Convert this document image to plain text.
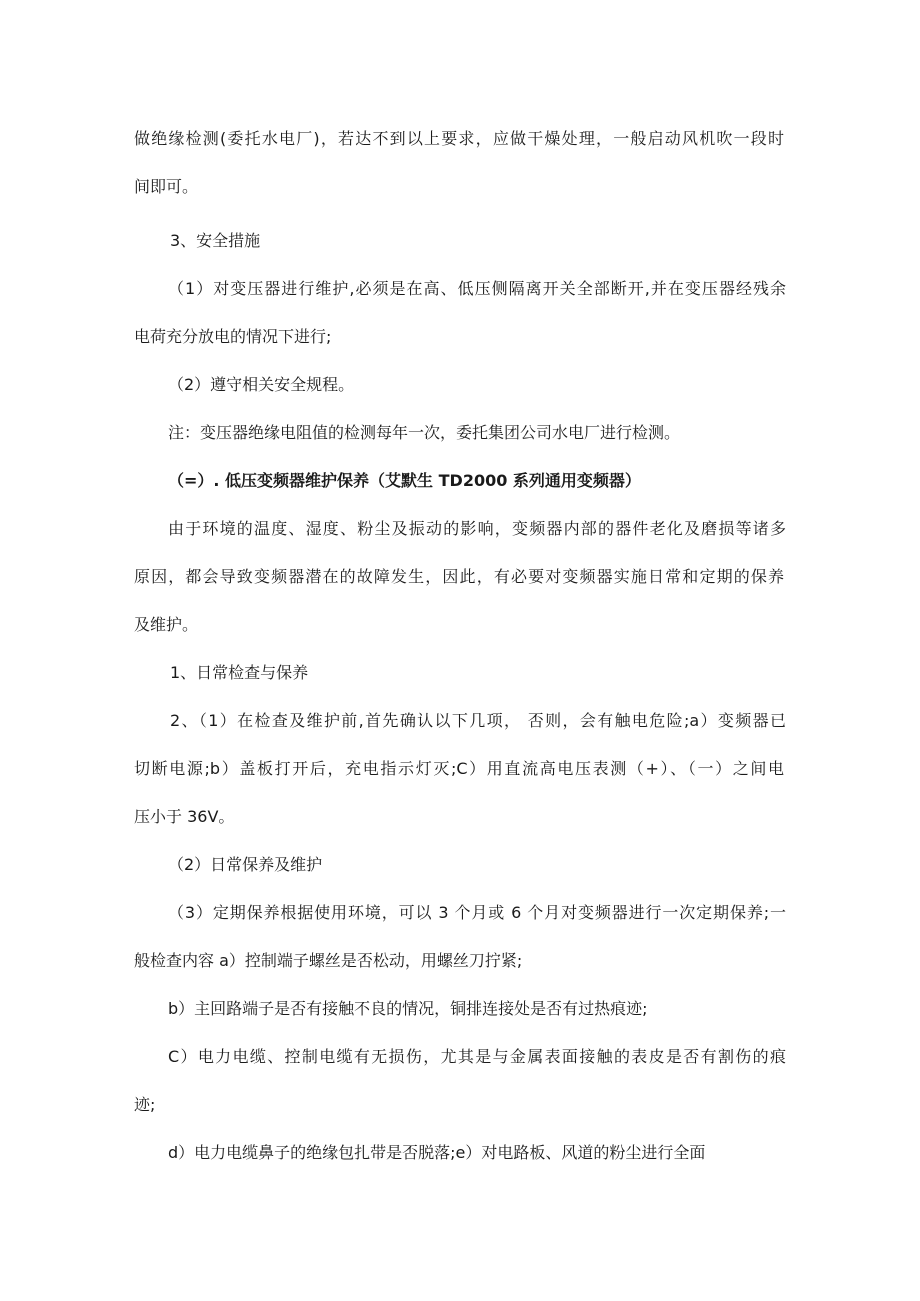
做绝缘检测(委托水电厂)，若达不到以上要求，应做干燥处理，一般启动风机吹一段时

间即可。

3、安全措施

（1）对变压器进行维护,必须是在高、低压侧隔离开关全部断开,并在变压器经残余

电荷充分放电的情况下进行;

（2）遵守相关安全规程。

注：变压器绝缘电阻值的检测每年一次，委托集团公司水电厂进行检测。

（=）. 低压变频器维护保养（艾默生 TD2000 系列通用变频器）

由于环境的温度、湿度、粉尘及振动的影响，变频器内部的器件老化及磨损等诸多

原因，都会导致变频器潜在的故障发生，因此，有必要对变频器实施日常和定期的保养

及维护。

1、日常检查与保养

2、（1）在检查及维护前,首先确认以下几项， 否则，会有触电危险;a）变频器已

切断电源;b）盖板打开后，充电指示灯灭;C）用直流高电压表测（+）、（一）之间电

压小于 36V。

（2）日常保养及维护

（3）定期保养根据使用环境，可以 3 个月或 6 个月对变频器进行一次定期保养;一

般检查内容 a）控制端子螺丝是否松动，用螺丝刀拧紧;

b）主回路端子是否有接触不良的情况，铜排连接处是否有过热痕迹;

C）电力电缆、控制电缆有无损伤，尤其是与金属表面接触的表皮是否有割伤的痕

迹;

d）电力电缆鼻子的绝缘包扎带是否脱落;e）对电路板、风道的粉尘进行全面
